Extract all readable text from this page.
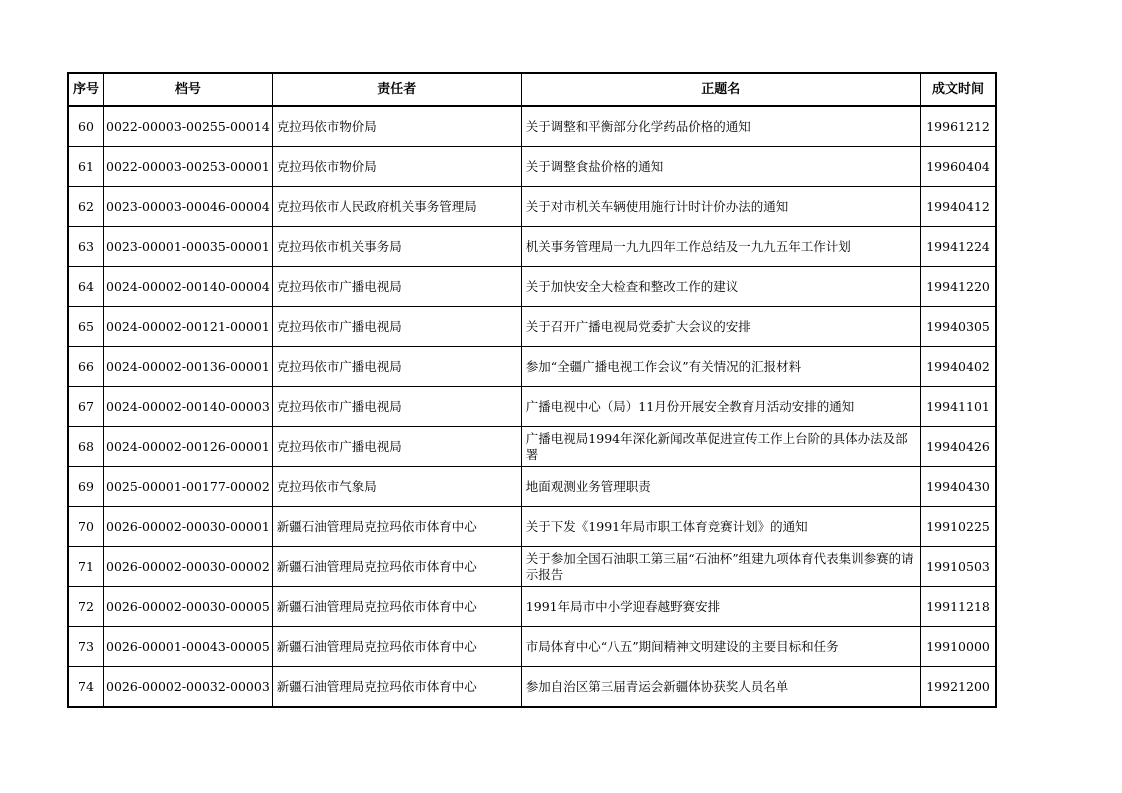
序号	档号	责任者	正题名	成文时间
60	0022-00003-00255-00014	克拉玛依市物价局	关于调整和平衡部分化学药品价格的通知	19961212
61	0022-00003-00253-00001	克拉玛依市物价局	关于调整食盐价格的通知	19960404
62	0023-00003-00046-00004	克拉玛依市人民政府机关事务管理局	关于对市机关车辆使用施行计时计价办法的通知	19940412
63	0023-00001-00035-00001	克拉玛依市机关事务局	机关事务管理局一九九四年工作总结及一九九五年工作计划	19941224
64	0024-00002-00140-00004	克拉玛依市广播电视局	关于加快安全大检查和整改工作的建议	19941220
65	0024-00002-00121-00001	克拉玛依市广播电视局	关于召开广播电视局党委扩大会议的安排	19940305
66	0024-00002-00136-00001	克拉玛依市广播电视局	参加“全疆广播电视工作会议”有关情况的汇报材料	19940402
67	0024-00002-00140-00003	克拉玛依市广播电视局	广播电视中心（局）11月份开展安全教育月活动安排的通知	19941101
68	0024-00002-00126-00001	克拉玛依市广播电视局	广播电视局1994年深化新闻改革促进宣传工作上台阶的具体办法及部署	19940426
69	0025-00001-00177-00002	克拉玛依市气象局	地面观测业务管理职责	19940430
70	0026-00002-00030-00001	新疆石油管理局克拉玛依市体育中心	关于下发《1991年局市职工体育竞赛计划》的通知	19910225
71	0026-00002-00030-00002	新疆石油管理局克拉玛依市体育中心	关于参加全国石油职工第三届“石油杯”组建九项体育代表集训参赛的请示报告	19910503
72	0026-00002-00030-00005	新疆石油管理局克拉玛依市体育中心	1991年局市中小学迎春越野赛安排	19911218
73	0026-00001-00043-00005	新疆石油管理局克拉玛依市体育中心	市局体育中心“八五”期间精神文明建设的主要目标和任务	19910000
74	0026-00002-00032-00003	新疆石油管理局克拉玛依市体育中心	参加自治区第三届青运会新疆体协获奖人员名单	19921200
